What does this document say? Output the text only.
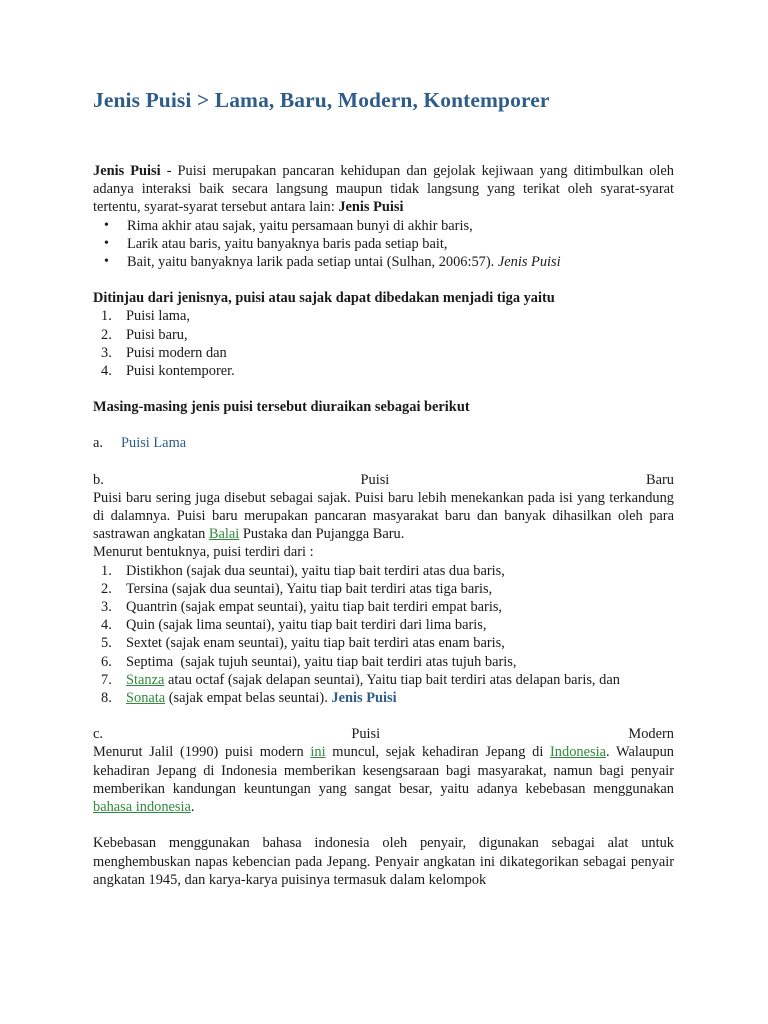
Jenis Puisi > Lama, Baru, Modern, Kontemporer

Jenis Puisi - Puisi merupakan pancaran kehidupan dan gejolak kejiwaan yang ditimbulkan oleh adanya interaksi baik secara langsung maupun tidak langsung yang terikat oleh syarat-syarat tertentu, syarat-syarat tersebut antara lain: Jenis Puisi

• Rima akhir atau sajak, yaitu persamaan bunyi di akhir baris,
• Larik atau baris, yaitu banyaknya baris pada setiap bait,
• Bait, yaitu banyaknya larik pada setiap untai (Sulhan, 2006:57). Jenis Puisi

Ditinjau dari jenisnya, puisi atau sajak dapat dibedakan menjadi tiga yaitu

1. Puisi lama,
2. Puisi baru,
3. Puisi modern dan
4. Puisi kontemporer.

Masing-masing jenis puisi tersebut diuraikan sebagai berikut

a.	Puisi Lama
b.	Puisi	Baru

Puisi baru sering juga disebut sebagai sajak. Puisi baru lebih menekankan pada isi yang terkandung di dalamnya. Puisi baru merupakan pancaran masyarakat baru dan banyak dihasilkan oleh para sastrawan angkatan Balai Pustaka dan Pujangga Baru.

Menurut bentuknya, puisi terdiri dari :

1. Distikhon (sajak dua seuntai), yaitu tiap bait terdiri atas dua baris,
2. Tersina (sajak dua seuntai), Yaitu tiap bait terdiri atas tiga baris,
3. Quantrin (sajak empat seuntai), yaitu tiap bait terdiri empat baris,
4. Quin (sajak lima seuntai), yaitu tiap bait terdiri dari lima baris,
5. Sextet (sajak enam seuntai), yaitu tiap bait terdiri atas enam baris,
6. Septima  (sajak tujuh seuntai), yaitu tiap bait terdiri atas tujuh baris,
7. Stanza atau octaf (sajak delapan seuntai), Yaitu tiap bait terdiri atas delapan baris, dan
8. Sonata (sajak empat belas seuntai). Jenis Puisi
c.	Puisi	Modern

Menurut Jalil (1990) puisi modern ini muncul, sejak kehadiran Jepang di Indonesia. Walaupun kehadiran Jepang di Indonesia memberikan kesengsaraan bagi masyarakat, namun bagi penyair memberikan kandungan keuntungan yang sangat besar, yaitu adanya kebebasan menggunakan bahasa indonesia.

Kebebasan menggunakan bahasa indonesia oleh penyair, digunakan sebagai alat untuk menghembuskan napas kebencian pada Jepang. Penyair angkatan ini dikategorikan sebagai penyair angkatan 1945, dan karya-karya puisinya termasuk dalam kelompok
